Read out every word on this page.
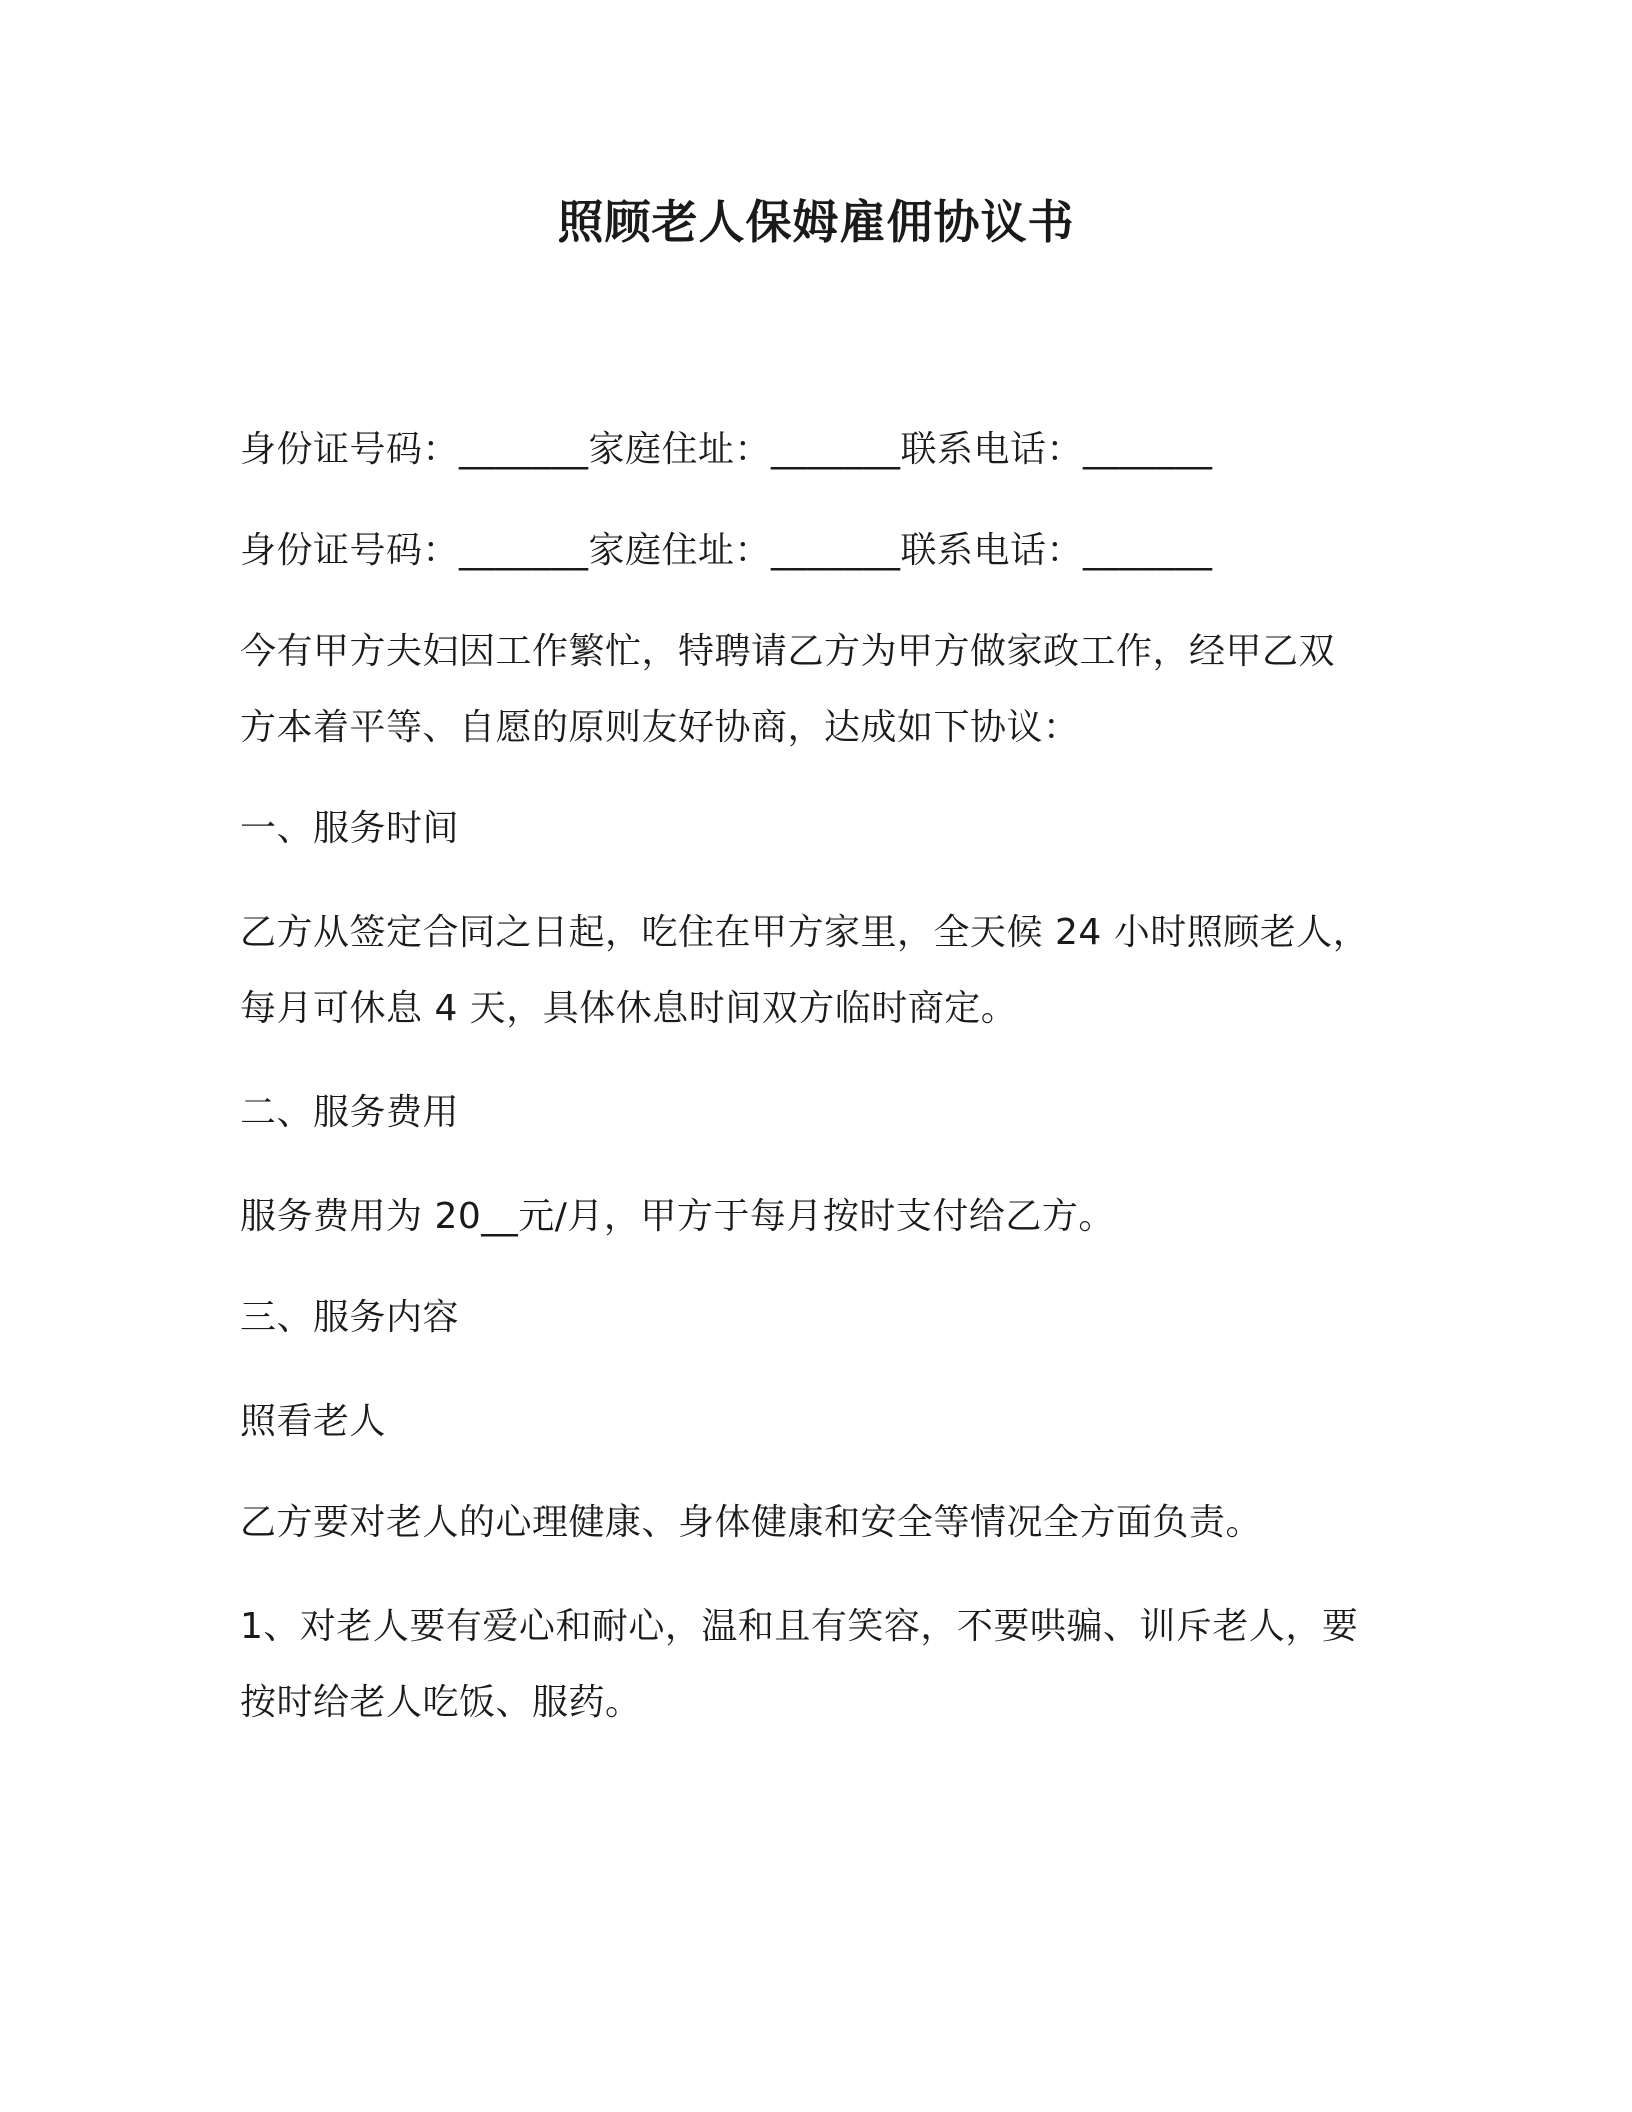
照顾老人保姆雇佣协议书
身份证号码：_______家庭住址：_______联系电话：_______
身份证号码：_______家庭住址：_______联系电话：_______
今有甲方夫妇因工作繁忙，特聘请乙方为甲方做家政工作，经甲乙双
方本着平等、自愿的原则友好协商，达成如下协议：
一、服务时间
乙方从签定合同之日起，吃住在甲方家里，全天候 24 小时照顾老人，
每月可休息 4 天，具体休息时间双方临时商定。
二、服务费用
服务费用为 20__元/月，甲方于每月按时支付给乙方。
三、服务内容
照看老人
乙方要对老人的心理健康、身体健康和安全等情况全方面负责。
1、对老人要有爱心和耐心，温和且有笑容，不要哄骗、训斥老人，要
按时给老人吃饭、服药。
